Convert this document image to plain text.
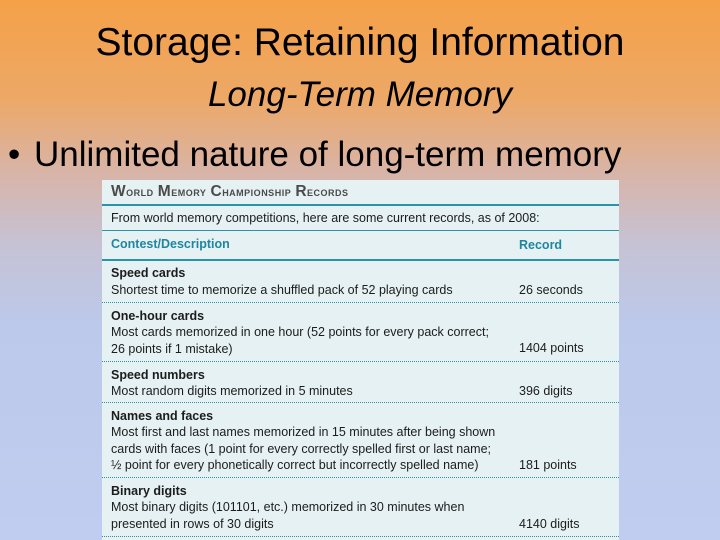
Storage: Retaining Information
Long-Term Memory
• Unlimited nature of long-term memory
World Memory Championship Records
From world memory competitions, here are some current records, as of 2008:
Contest/Description	Record
Speed cards
Shortest time to memorize a shuffled pack of 52 playing cards	26 seconds
One-hour cards
Most cards memorized in one hour (52 points for every pack correct;
26 points if 1 mistake)	1404 points
Speed numbers
Most random digits memorized in 5 minutes	396 digits
Names and faces
Most first and last names memorized in 15 minutes after being shown
cards with faces (1 point for every correctly spelled first or last name;
½ point for every phonetically correct but incorrectly spelled name)	181 points
Binary digits
Most binary digits (101101, etc.) memorized in 30 minutes when
presented in rows of 30 digits	4140 digits
